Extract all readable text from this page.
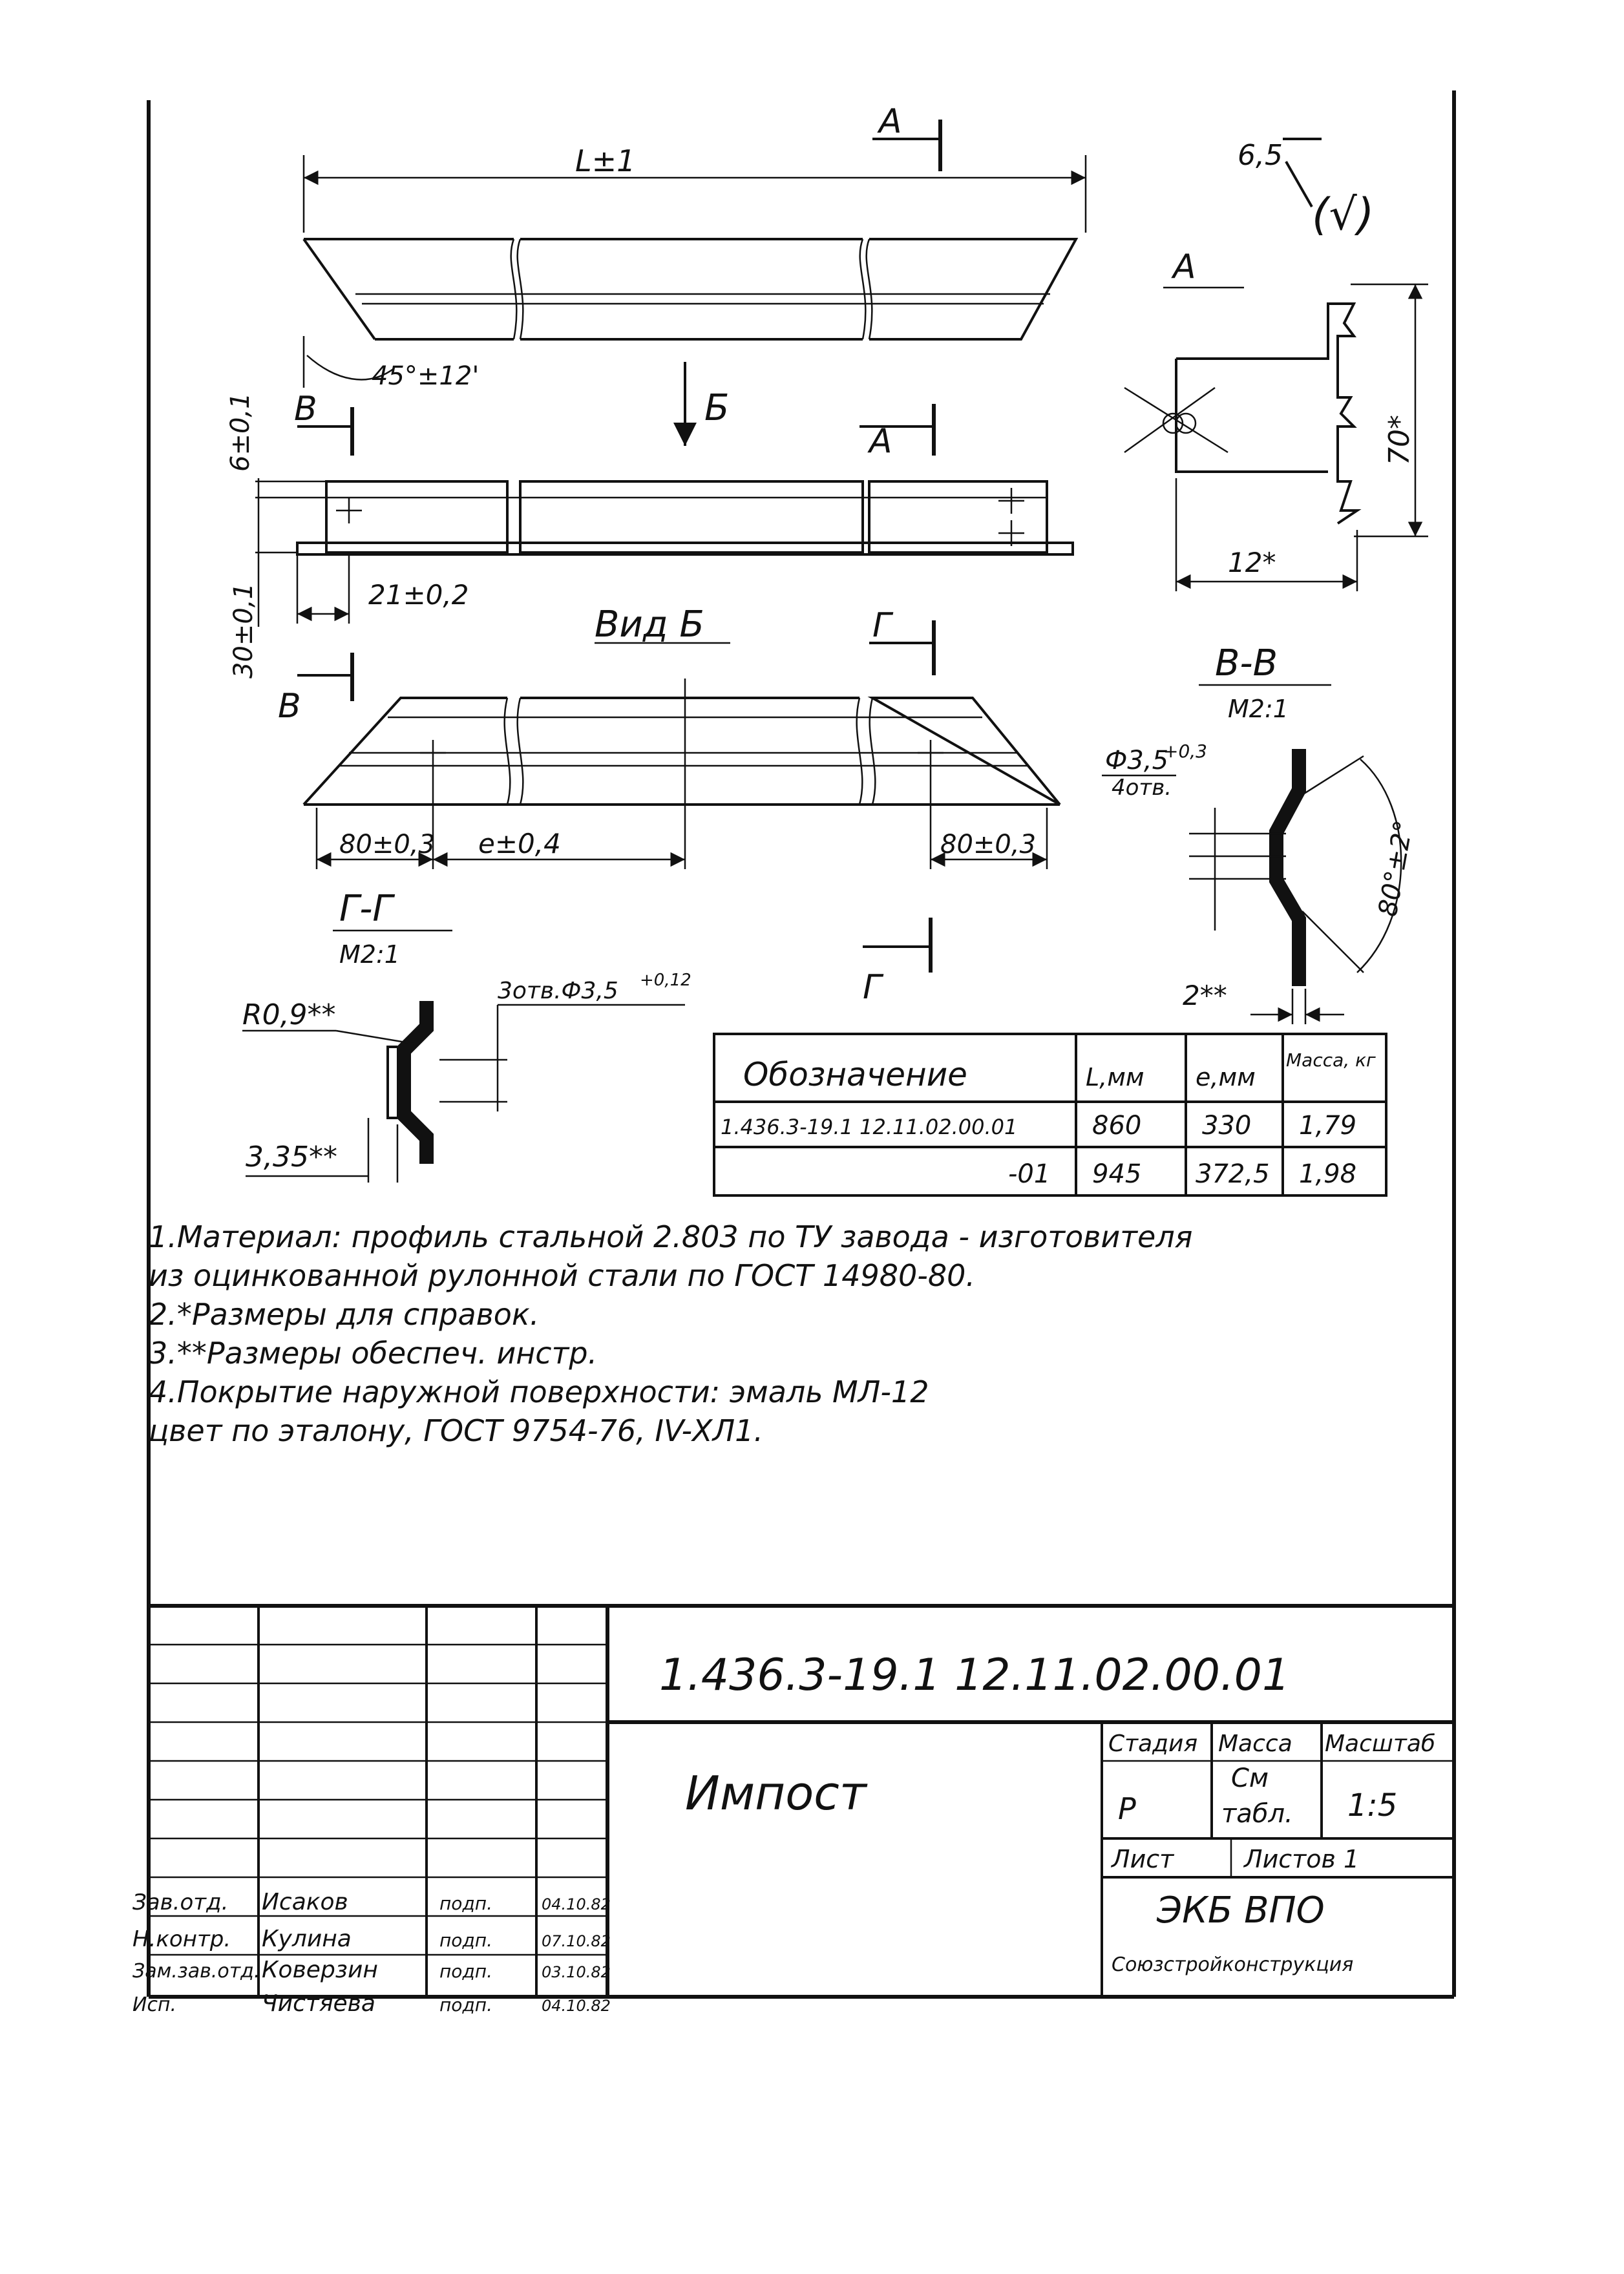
L±1
А
45°±12'
Б
А
В
В
6±0,1
30±0,1	21±0,2
Вид Б	Г
80±0,3 e±0,4	80±0,3
Г
6,5
(√)
А
70*
12*
В-В
М2:1
Ф3,5
+0,3
4отв.
80°±2°
2**
Г-Г
М2:1
R0,9**
3отв.Ф3,5 +0,12
3,35**
Обозначение	L,мм e,мм
Масса, кг
1.436.3-19.1 12.11.02.00.01	860 330 1,79
-01 945 372,5 1,98
1.Материал: профиль стальной 2.803 по ТУ завода - изготовителя
из оцинкованной рулонной стали по ГОСТ 14980-80.
2.*Размеры для справок.
3.**Размеры обеспеч. инстр.
4.Покрытие наружной поверхности: эмаль МЛ-12
цвет по эталону, ГОСТ 9754-76, IV-ХЛ1.
Зав.отд. Исаков	подп.	04.10.82
Н.контр. Кулина	подп.	07.10.82
Зам.зав.отд. Коверзин	подп.	03.10.82
Исп.	Чистяева	подп.	04.10.82
1.436.3-19.1 12.11.02.00.01
Импост
Стадия Масса Масштаб
Р
См
табл. 1:5
Лист	Листов 1
ЭКБ ВПО
Союзстройконструкция
